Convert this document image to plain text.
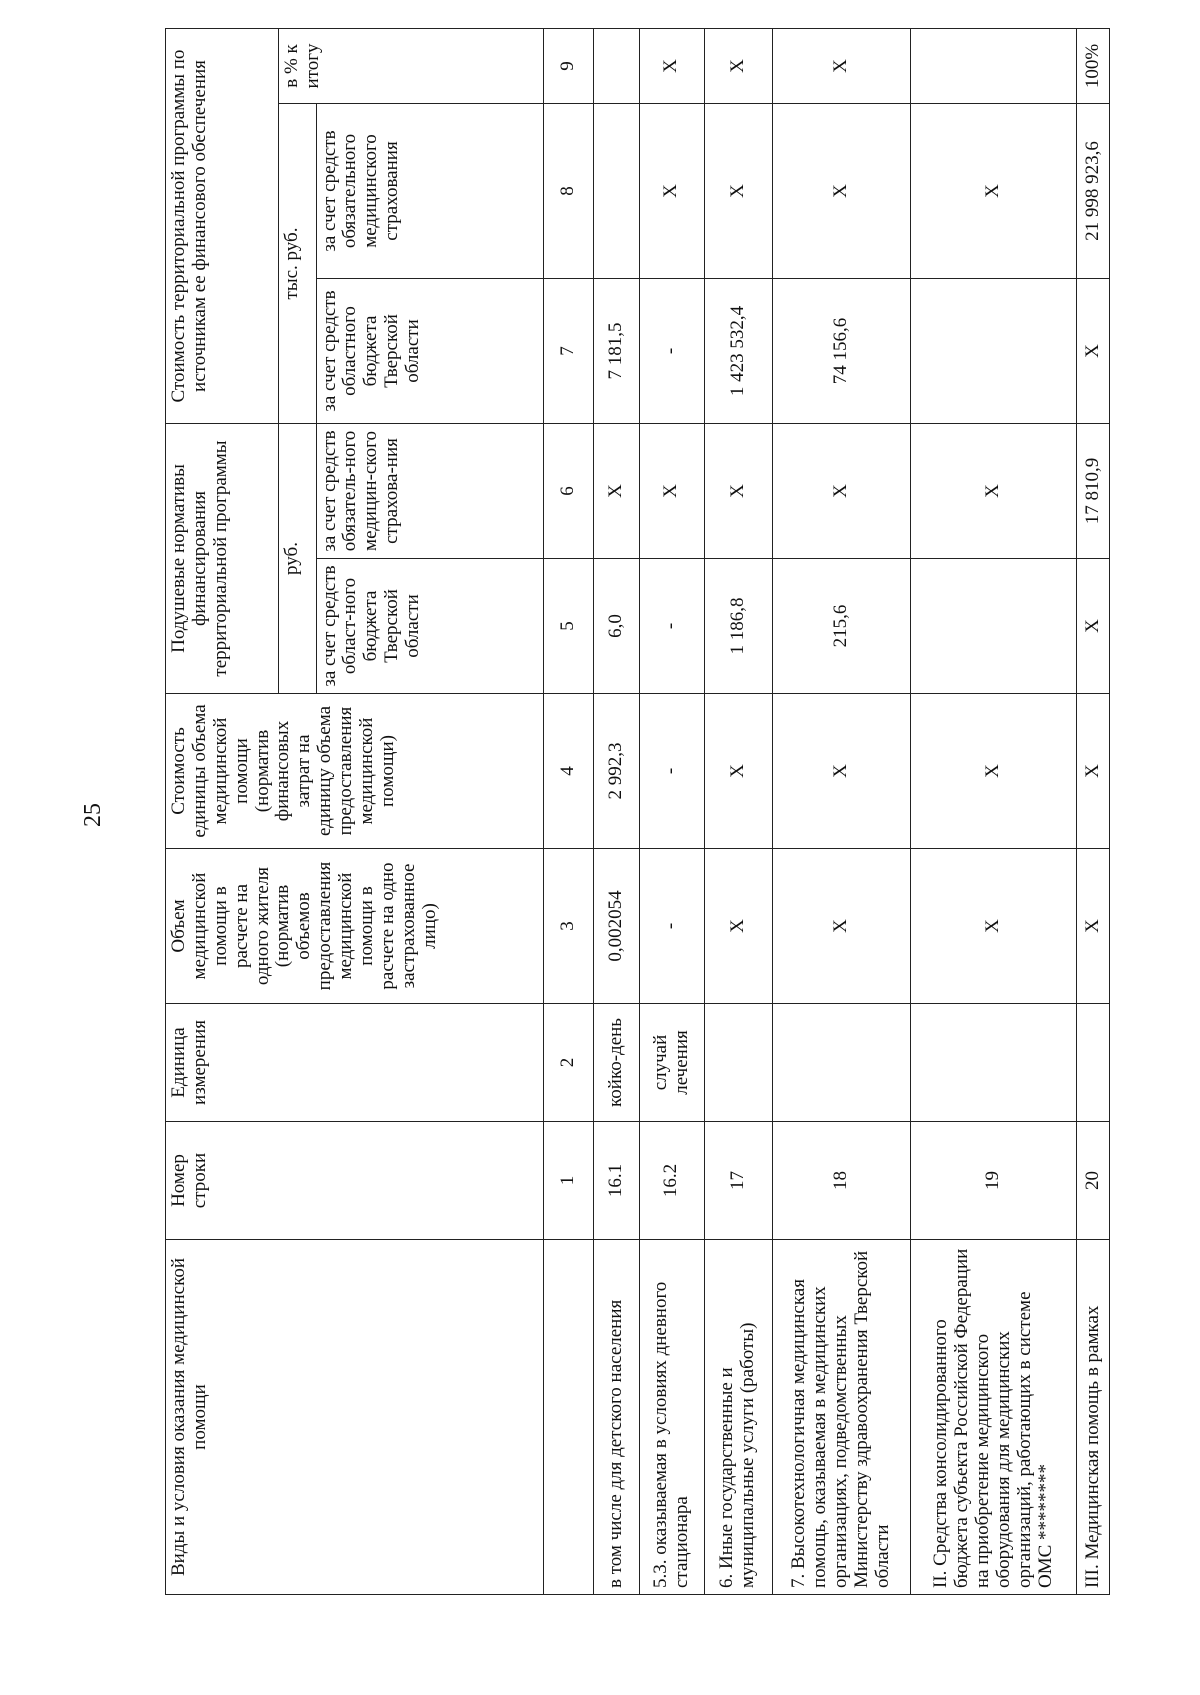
25
Виды и условия оказания медицинской помощи	Номер строки	Единица измерения	Объем медицинской помощи в расчете на одного жителя (норматив объемов предоставления медицинской помощи в расчете на одно застрахованное лицо)	Стоимость единицы объема медицинской помощи (норматив финансовых затрат на единицу объема предоставления медицинской помощи)	Подушевые нормативы финансирования территориальной программы		Стоимость территориальной программы по источникам ее финансового обеспечения		
					руб.		тыс. руб.		в % к итогу
					за счет средств област-ного бюджета Тверской области	за счет средств обязатель-ного медицин-ского страхова-ния	за счет средств областного бюджета Тверской области	за счет средств обязательного медицинского страхования	
	1	2	3	4	5	6	7	8	9
в том числе для детского населения	16.1	койко-день	0,002054	2 992,3	6,0	X	7 181,5		
5.3. оказываемая в условиях дневного стационара	16.2	случай лечения	-	-	-	X	-	X	X
6. Иные государственные и муниципальные услуги (работы)	17		X	X	1 186,8	X	1 423 532,4	X	X
7. Высокотехнологичная медицинская помощь, оказываемая в медицинских организациях, подведомственных Министерству здравоохранения Тверской области	18		X	X	215,6	X	74 156,6	X	X
II. Средства консолидированного бюджета субъекта Российской Федерации на приобретение медицинского оборудования для медицинских организаций, работающих в системе ОМС ********	19		X	X		X		X	
III. Медицинская помощь в рамках	20		X	X	X	17 810,9	X	21 998 923,6	100%
